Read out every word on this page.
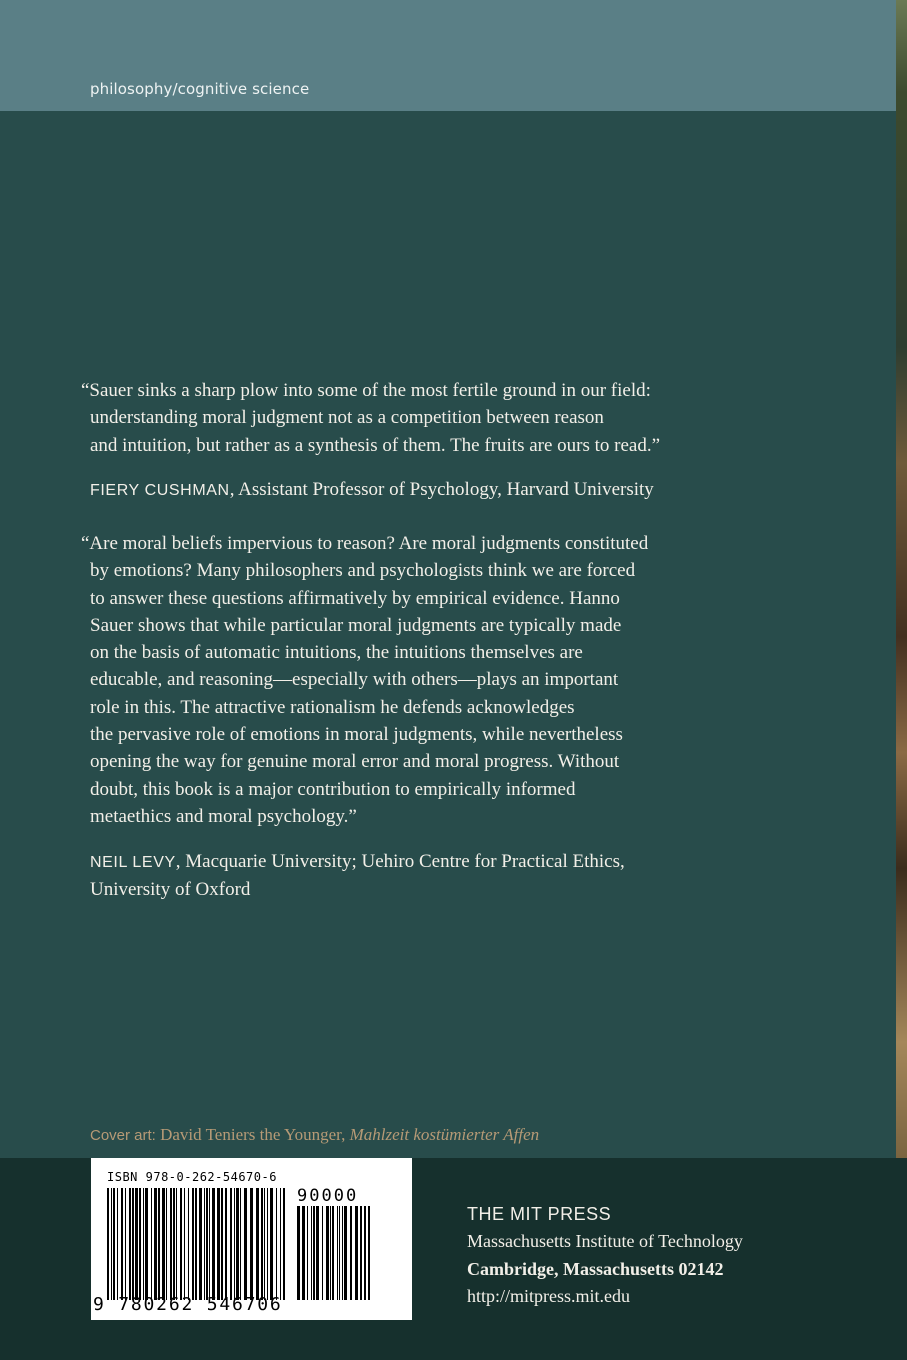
philosophy/cognitive science
“Sauer sinks a sharp plow into some of the most fertile ground in our field:
understanding moral judgment not as a competition between reason
and intuition, but rather as a synthesis of them. The fruits are ours to read.”
FIERY CUSHMAN, Assistant Professor of Psychology, Harvard University
“Are moral beliefs impervious to reason? Are moral judgments constituted
by emotions? Many philosophers and psychologists think we are forced
to answer these questions affirmatively by empirical evidence. Hanno
Sauer shows that while particular moral judgments are typically made
on the basis of automatic intuitions, the intuitions themselves are
educable, and reasoning—especially with others—plays an important
role in this. The attractive rationalism he defends acknowledges
the pervasive role of emotions in moral judgments, while nevertheless
opening the way for genuine moral error and moral progress. Without
doubt, this book is a major contribution to empirically informed
metaethics and moral psychology.”
NEIL LEVY, Macquarie University; Uehiro Centre for Practical Ethics,
University of Oxford
Cover art: David Teniers the Younger, Mahlzeit kostümierter Affen
ISBN 978-0-262-54670-6
90000
9 780262 546706
THE MIT PRESS
Massachusetts Institute of Technology
Cambridge, Massachusetts 02142
http://mitpress.mit.edu
